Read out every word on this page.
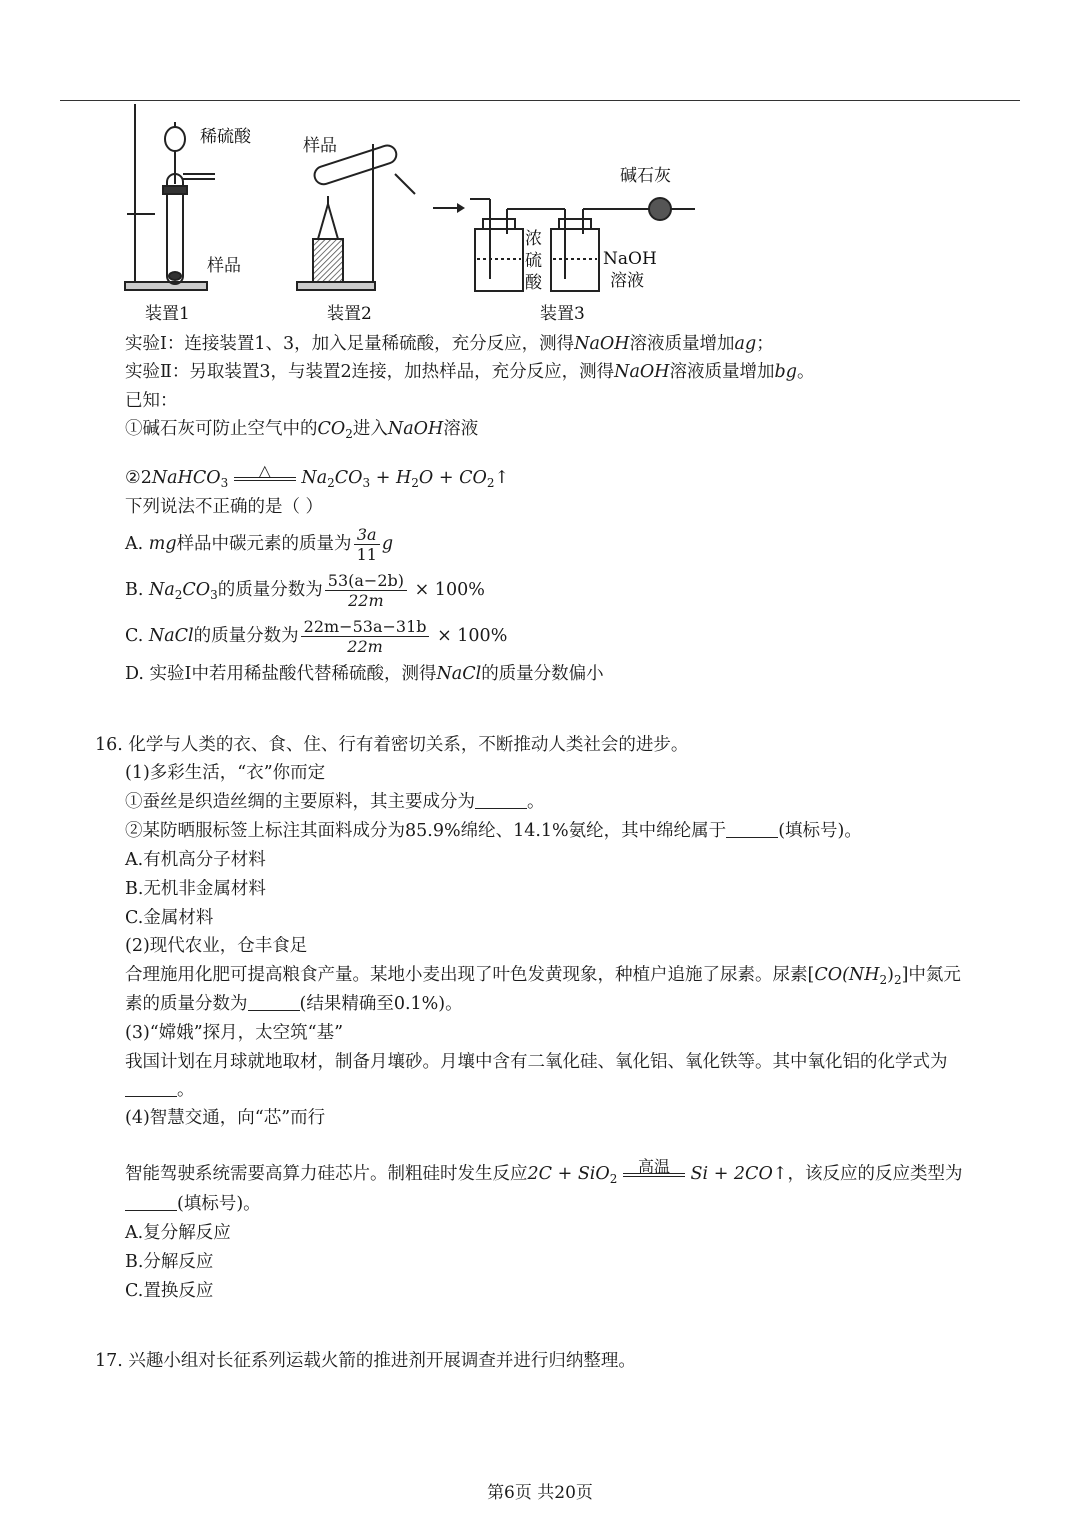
稀硫酸
样品
装置1
样品
装置2
浓
硫
酸
碱石灰
NaOH
溶液
装置3
实验Ⅰ：连接装置1、3，加入足量稀硫酸，充分反应，测得NaOH溶液质量增加ag；
实验Ⅱ：另取装置3，与装置2连接，加热样品，充分反应，测得NaOH溶液质量增加bg。
已知：
①碱石灰可防止空气中的$CO_2$进入NaOH溶液
②2NaHCO$_3$
△	$Na_2CO_3 + H_2O$ + $CO_2↑$
下列说法不正确的是（ ）
A. mg样品中碳元素的质量为 $\frac{3a}{11}$ g
B. $Na_2CO_3$的质量分数为 $\frac{53(a-2b)}{22m} \times 100\%$
C. NaCl的质量分数为 $\frac{22m-53a-31b}{22m} \times 100\%$
D. 实验Ⅰ中若用稀盐酸代替稀硫酸，测得NaCl的质量分数偏小
16. 化学与人类的衣、食、住、行有着密切关系，不断推动人类社会的进步。
(1)多彩生活，“衣”你而定
①蚕丝是织造丝绸的主要原料，其主要成分为	。
②某防晒服标签上标注其面料成分为85.9%绵纶、14.1%氨纶，其中绵纶属于	(填标号)。
A.有机高分子材料
B.无机非金属材料
C.金属材料
(2)现代农业，仓丰食足
合理施用化肥可提高粮食产量。某地小麦出现了叶色发黄现象，种植户追施了尿素。尿素$[CO(NH_2)_2]$中氮元
素的质量分数为	(结果精确至0.1%)。
(3)“嫦娥”探月，太空筑“基”
我国计划在月球就地取材，制备月壤砂。月壤中含有二氧化硅、氧化铝、氧化铁等。其中氧化铝的化学式为
。
(4)智慧交通，向“芯”而行
智能驾驶系统需要高算力硅芯片。制粗硅时发生反应2C + SiO$_2$
高温	Si + 2CO↑，该反应的反应类型为
(填标号)。
A.复分解反应
B.分解反应
C.置换反应
17. 兴趣小组对长征系列运载火箭的推进剂开展调查并进行归纳整理。
第6页 共20页
